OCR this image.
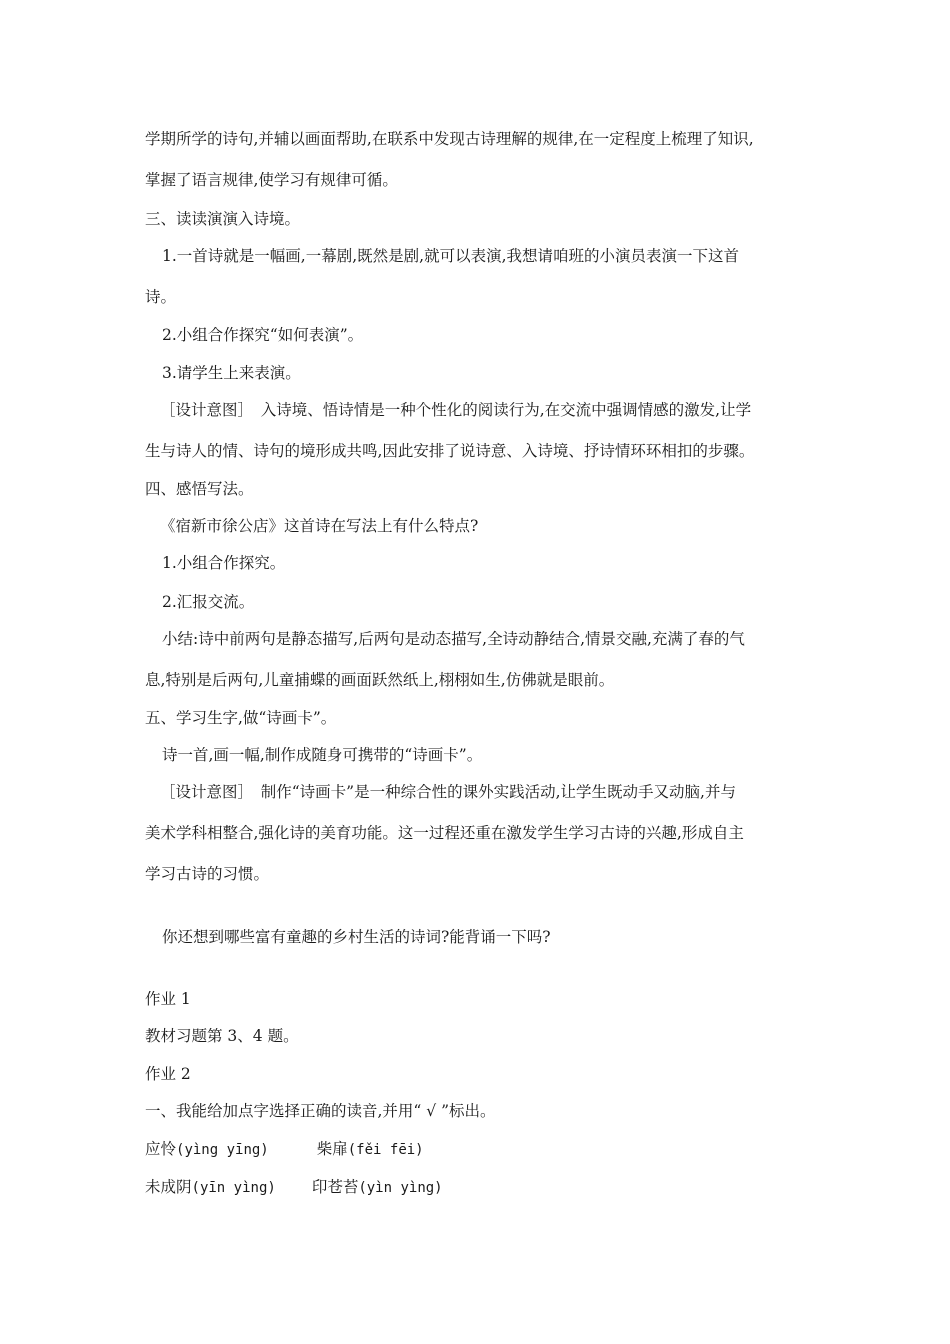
学期所学的诗句,并辅以画面帮助,在联系中发现古诗理解的规律,在一定程度上梳理了知识,
掌握了语言规律,使学习有规律可循。
三、读读演演入诗境。
1.一首诗就是一幅画,一幕剧,既然是剧,就可以表演,我想请咱班的小演员表演一下这首
诗。
2.小组合作探究“如何表演”。
3.请学生上来表演。
［设计意图］　入诗境、悟诗情是一种个性化的阅读行为,在交流中强调情感的激发,让学
生与诗人的情、诗句的境形成共鸣,因此安排了说诗意、入诗境、抒诗情环环相扣的步骤。
四、感悟写法。
《宿新市徐公店》这首诗在写法上有什么特点?
1.小组合作探究。
2.汇报交流。
小结:诗中前两句是静态描写,后两句是动态描写,全诗动静结合,情景交融,充满了春的气
息,特别是后两句,儿童捕蝶的画面跃然纸上,栩栩如生,仿佛就是眼前。
五、学习生字,做“诗画卡”。
诗一首,画一幅,制作成随身可携带的“诗画卡”。
［设计意图］　制作“诗画卡”是一种综合性的课外实践活动,让学生既动手又动脑,并与
美术学科相整合,强化诗的美育功能。这一过程还重在激发学生学习古诗的兴趣,形成自主
学习古诗的习惯。
你还想到哪些富有童趣的乡村生活的诗词?能背诵一下吗?
作业 1
教材习题第 3、4 题。
作业 2
一、我能给加点字选择正确的读音,并用“ √ ”标出。
应怜(yìng yīng)	柴扉(fěi fēi)
未成阴(yīn yìng) 印苍苔(yìn yìng)
